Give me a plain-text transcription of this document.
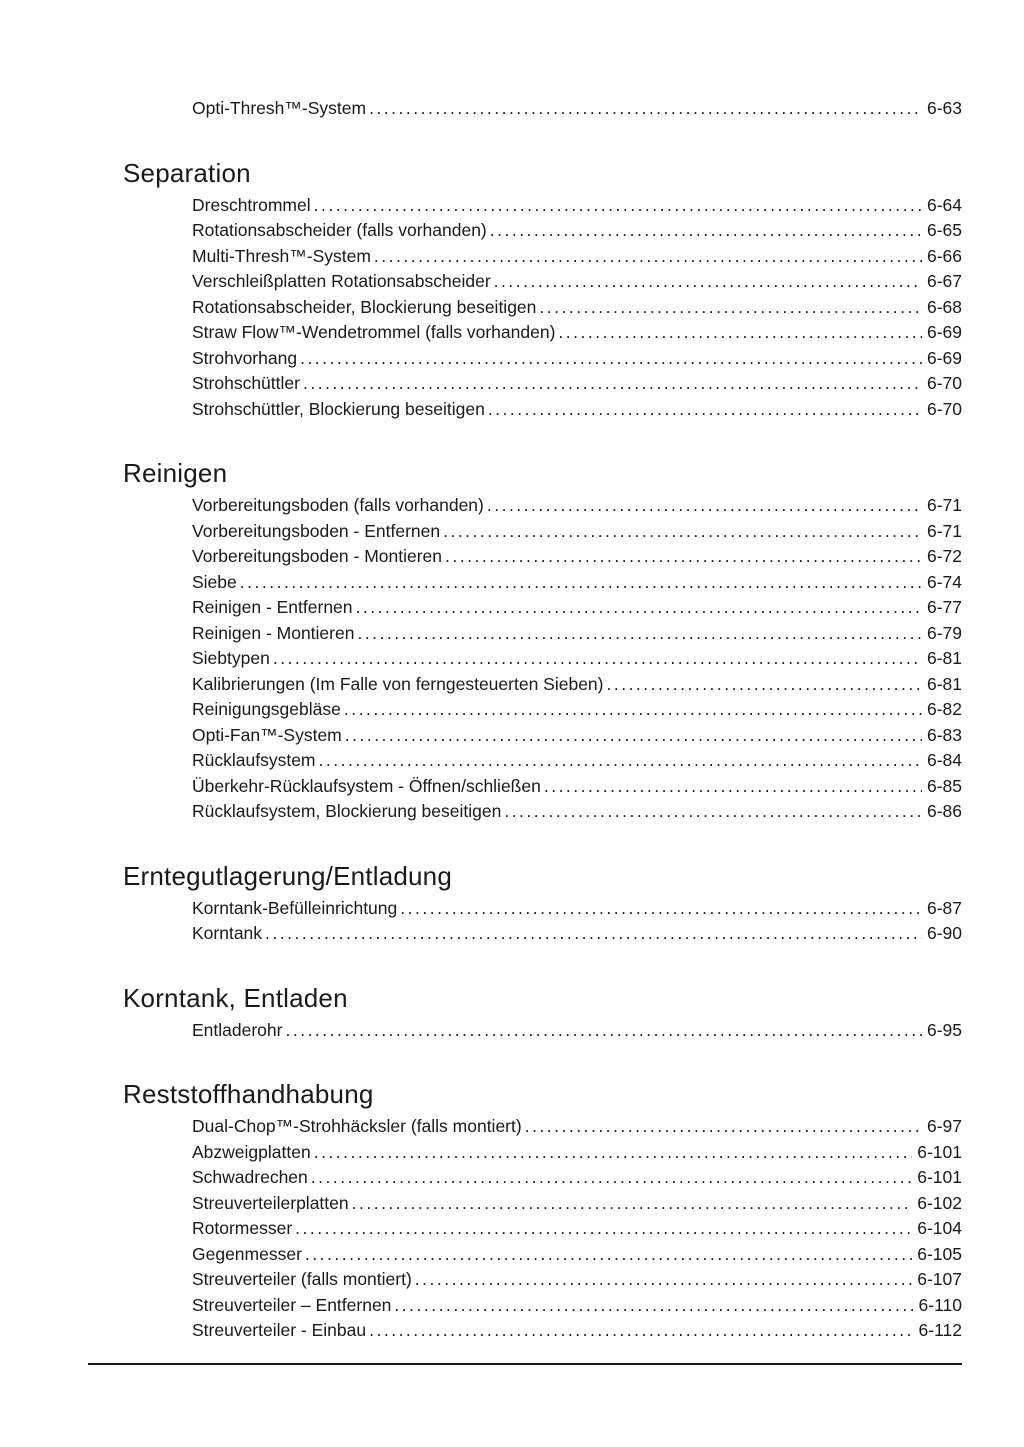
Opti-Thresh™-System .....	6-63
Separation
Dreschtrommel .....	6-64
Rotationsabscheider (falls vorhanden) .....	6-65
Multi-Thresh™-System .....	6-66
Verschleißplatten Rotationsabscheider .....	6-67
Rotationsabscheider, Blockierung beseitigen .....	6-68
Straw Flow™-Wendetrommel (falls vorhanden) .....	6-69
Strohvorhang .....	6-69
Strohschüttler .....	6-70
Strohschüttler, Blockierung beseitigen .....	6-70
Reinigen
Vorbereitungsboden (falls vorhanden) .....	6-71
Vorbereitungsboden - Entfernen .....	6-71
Vorbereitungsboden - Montieren .....	6-72
Siebe .....	6-74
Reinigen - Entfernen .....	6-77
Reinigen - Montieren .....	6-79
Siebtypen .....	6-81
Kalibrierungen (Im Falle von ferngesteuerten Sieben) .....	6-81
Reinigungsgebläse .....	6-82
Opti-Fan™-System .....	6-83
Rücklaufsystem .....	6-84
Überkehr-Rücklaufsystem - Öffnen/schließen .....	6-85
Rücklaufsystem, Blockierung beseitigen .....	6-86
Erntegutlagerung/Entladung
Korntank-Befülleinrichtung .....	6-87
Korntank .....	6-90
Korntank, Entladen
Entladerohr .....	6-95
Reststoffhandhabung
Dual-Chop™-Strohhäcksler (falls montiert) .....	6-97
Abzweigplatten .....	6-101
Schwadrechen .....	6-101
Streuverteilerplatten .....	6-102
Rotormesser .....	6-104
Gegenmesser .....	6-105
Streuverteiler (falls montiert) .....	6-107
Streuverteiler – Entfernen .....	6-110
Streuverteiler - Einbau .....	6-112
